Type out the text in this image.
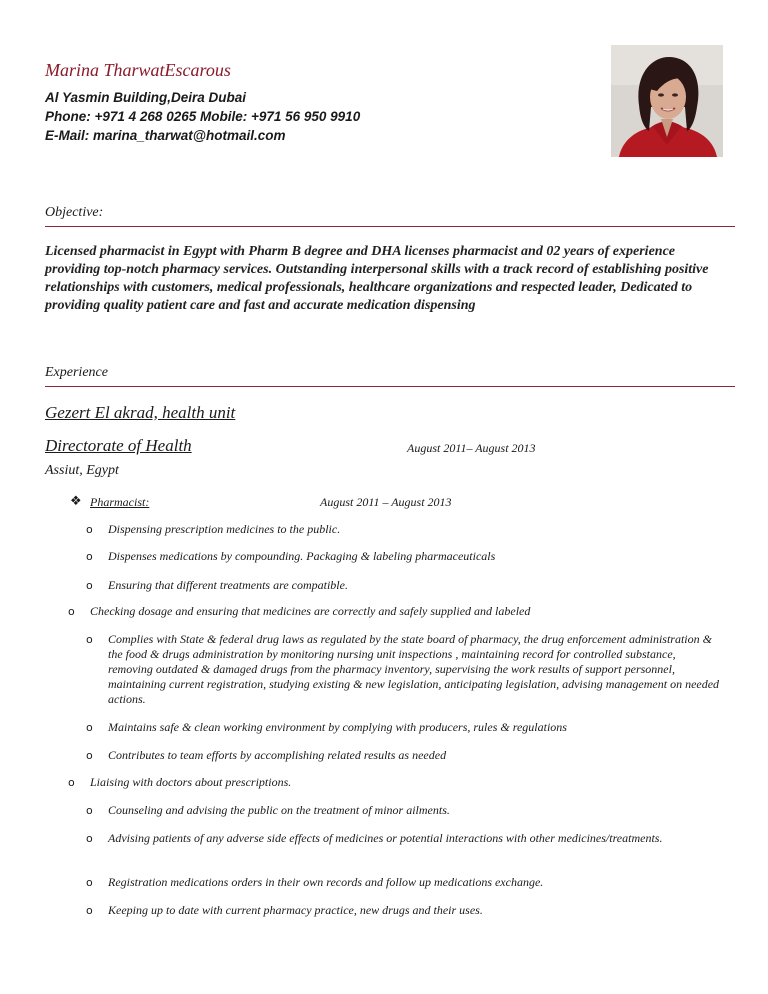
Marina TharwatEscarous
Al Yasmin Building,Deira Dubai
Phone: +971 4 268 0265 Mobile: +971 56 950 9910
E-Mail: marina_tharwat@hotmail.com
Objective:
Licensed pharmacist in Egypt with Pharm B degree and DHA licenses pharmacist and 02 years of experience providing top-notch pharmacy services. Outstanding interpersonal skills with a track record of establishing positive relationships with customers, medical professionals, healthcare organizations and respected leader, Dedicated to providing quality patient care and fast and accurate medication dispensing
Experience
Gezert El akrad, health unit
Directorate of Health	August 2011– August 2013
Assiut, Egypt
❖ Pharmacist:	August 2011 – August 2013
o Dispensing prescription medicines to the public.
o Dispenses medications by compounding. Packaging & labeling pharmaceuticals
o Ensuring that different treatments are compatible.
o Checking dosage and ensuring that medicines are correctly and safely supplied and labeled
o Complies with State & federal drug laws as regulated by the state board of pharmacy, the drug enforcement administration & the food & drugs administration by monitoring nursing unit inspections , maintaining record for controlled substance, removing outdated & damaged drugs from the pharmacy inventory, supervising the work results of support personnel, maintaining current registration, studying existing & new legislation, anticipating legislation, advising management on needed actions.
o Maintains safe & clean working environment by complying with producers, rules & regulations
o Contributes to team efforts by accomplishing related results as needed
o Liaising with doctors about prescriptions.
o Counseling and advising the public on the treatment of minor ailments.
o Advising patients of any adverse side effects of medicines or potential interactions with other medicines/treatments.
o Registration medications orders in their own records and follow up medications exchange.
o Keeping up to date with current pharmacy practice, new drugs and their uses.
